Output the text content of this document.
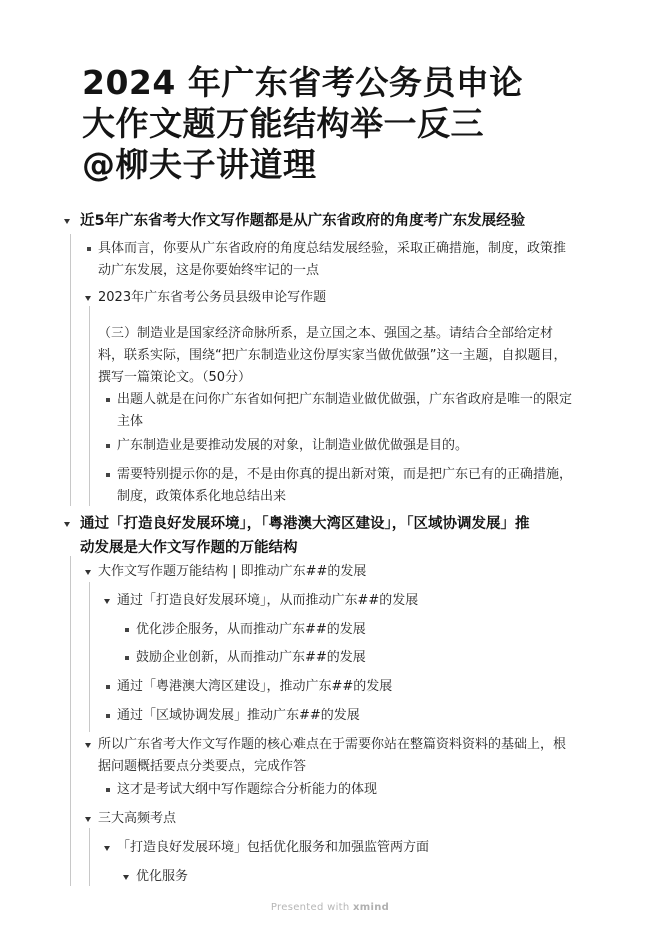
2024 年广东省考公务员申论
大作文题万能结构举一反三
@柳夫子讲道理
近5年广东省考大作文写作题都是从广东省政府的角度考广东发展经验
具体而言，你要从广东省政府的角度总结发展经验，采取正确措施，制度，政策推
动广东发展，这是你要始终牢记的一点
2023年广东省考公务员县级申论写作题
（三）制造业是国家经济命脉所系，是立国之本、强国之基。请结合全部给定材
料，联系实际，围绕“把广东制造业这份厚实家当做优做强”这一主题，自拟题目，
撰写一篇策论文。（50分）
出题人就是在问你广东省如何把广东制造业做优做强，广东省政府是唯一的限定
主体
广东制造业是要推动发展的对象，让制造业做优做强是目的。
需要特别提示你的是，不是由你真的提出新对策，而是把广东已有的正确措施，
制度，政策体系化地总结出来
通过「打造良好发展环境」，「粤港澳大湾区建设」，「区域协调发展」推
动发展是大作文写作题的万能结构
大作文写作题万能结构 | 即推动广东##的发展
通过「打造良好发展环境」，从而推动广东##的发展
优化涉企服务，从而推动广东##的发展
鼓励企业创新，从而推动广东##的发展
通过「粤港澳大湾区建设」，推动广东##的发展
通过「区域协调发展」推动广东##的发展
所以广东省考大作文写作题的核心难点在于需要你站在整篇资料资料的基础上，根
据问题概括要点分类要点，完成作答
这才是考试大纲中写作题综合分析能力的体现
三大高频考点
「打造良好发展环境」包括优化服务和加强监管两方面
优化服务
Presented with xmind
